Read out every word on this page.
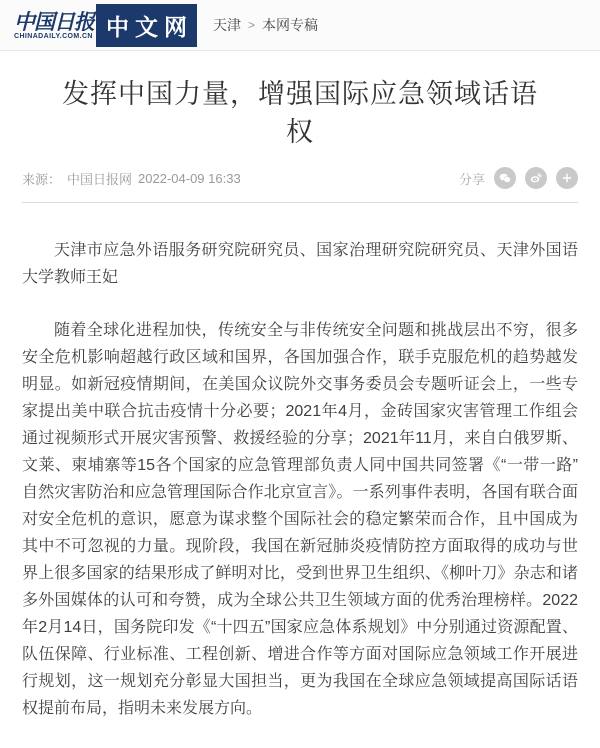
中国日报
CHINADAILY.COM.CN 中文网 天津 > 本网专稿
发挥中国力量，增强国际应急领域话语权
来源： 中国日报网 2022-04-09 16:33	分享

天津市应急外语服务研究院研究员、国家治理研究院研究员、天津外国语大学教师王妃

随着全球化进程加快，传统安全与非传统安全问题和挑战层出不穷，很多安全危机影响超越行政区域和国界，各国加强合作，联手克服危机的趋势越发明显。如新冠疫情期间，在美国众议院外交事务委员会专题听证会上，一些专家提出美中联合抗击疫情十分必要；2021年4月，金砖国家灾害管理工作组会通过视频形式开展灾害预警、救援经验的分享；2021年11月，来自白俄罗斯、文莱、柬埔寨等15各个国家的应急管理部负责人同中国共同签署《“一带一路”自然灾害防治和应急管理国际合作北京宣言》。一系列事件表明，各国有联合面对安全危机的意识，愿意为谋求整个国际社会的稳定繁荣而合作，且中国成为其中不可忽视的力量。现阶段，我国在新冠肺炎疫情防控方面取得的成功与世界上很多国家的结果形成了鲜明对比，受到世界卫生组织、《柳叶刀》杂志和诸多外国媒体的认可和夸赞，成为全球公共卫生领域方面的优秀治理榜样。2022年2月14日，国务院印发《“十四五”国家应急体系规划》中分别通过资源配置、队伍保障、行业标准、工程创新、增进合作等方面对国际应急领域工作开展进行规划，这一规划充分彰显大国担当，更为我国在全球应急领域提高国际话语权提前布局，指明未来发展方向。
